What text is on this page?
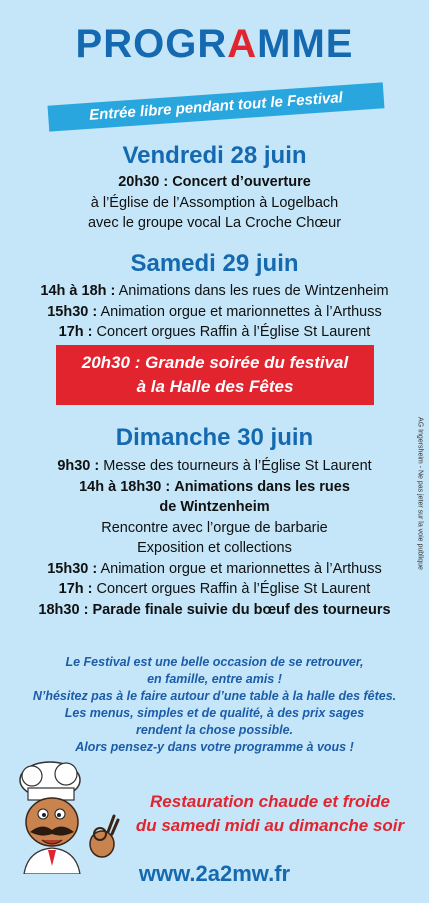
PROGRAMME
Entrée libre pendant tout le Festival
Vendredi 28 juin
20h30 : Concert d’ouverture
à l’Église de l’Assomption à Logelbach
avec le groupe vocal La Croche Chœur
Samedi 29 juin
14h à 18h : Animations dans les rues de Wintzenheim
15h30 : Animation orgue et marionnettes à l’Arthuss
17h : Concert orgues Raffin à l’Église St Laurent
20h30 : Grande soirée du festival
à la Halle des Fêtes
Dimanche 30 juin
9h30 : Messe des tourneurs à l’Église St Laurent
14h à 18h30 : Animations dans les rues
de Wintzenheim
Rencontre avec l’orgue de barbarie
Exposition et collections
15h30 : Animation orgue et marionnettes à l’Arthuss
17h : Concert orgues Raffin à l’Église St Laurent
18h30 : Parade finale suivie du bœuf des tourneurs
Le Festival est une belle occasion de se retrouver,
en famille, entre amis !
N’hésitez pas à le faire autour d’une table à la halle des fêtes.
Les menus, simples et de qualité, à des prix sages
rendent la chose possible.
Alors pensez-y dans votre programme à vous !
Restauration chaude et froide
du samedi midi au dimanche soir
www.2a2mw.fr
AG Ingersheim - Ne pas jeter sur la voie publique
